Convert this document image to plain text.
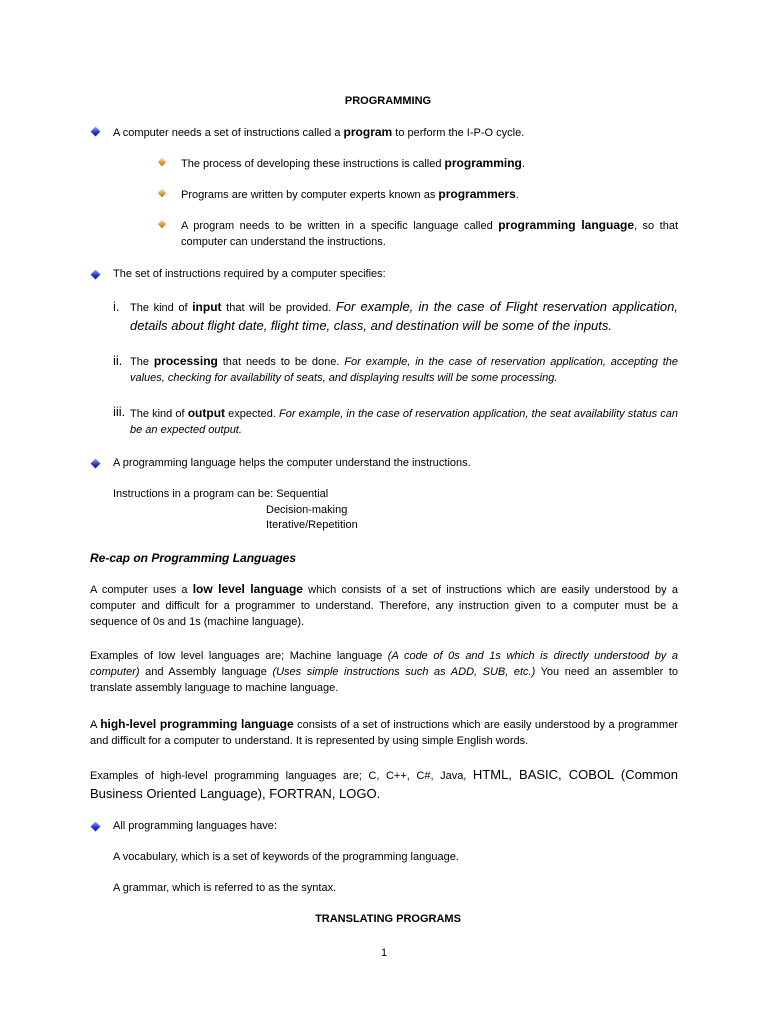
PROGRAMMING
A computer needs a set of instructions called a program to perform the I-P-O cycle.
The process of developing these instructions is called programming.
Programs are written by computer experts known as programmers.
A program needs to be written in a specific language called programming language, so that computer can understand the instructions.
The set of instructions required by a computer specifies:
i. The kind of input that will be provided. For example, in the case of Flight reservation application, details about flight date, flight time, class, and destination will be some of the inputs.
ii. The processing that needs to be done. For example, in the case of reservation application, accepting the values, checking for availability of seats, and displaying results will be some processing.
iii. The kind of output expected. For example, in the case of reservation application, the seat availability status can be an expected output.
A programming language helps the computer understand the instructions.
Instructions in a program can be: Sequential
Decision-making
Iterative/Repetition
Re-cap on Programming Languages
A computer uses a low level language which consists of a set of instructions which are easily understood by a computer and difficult for a programmer to understand. Therefore, any instruction given to a computer must be a sequence of 0s and 1s (machine language).
Examples of low level languages are; Machine language (A code of 0s and 1s which is directly understood by a computer) and Assembly language (Uses simple instructions such as ADD, SUB, etc.) You need an assembler to translate assembly language to machine language.
A high-level programming language consists of a set of instructions which are easily understood by a programmer and difficult for a computer to understand. It is represented by using simple English words.
Examples of high-level programming languages are; C, C++, C#, Java, HTML, BASIC, COBOL (Common Business Oriented Language), FORTRAN, LOGO.
All programming languages have:
A vocabulary, which is a set of keywords of the programming language.
A grammar, which is referred to as the syntax.
TRANSLATING PROGRAMS
1
